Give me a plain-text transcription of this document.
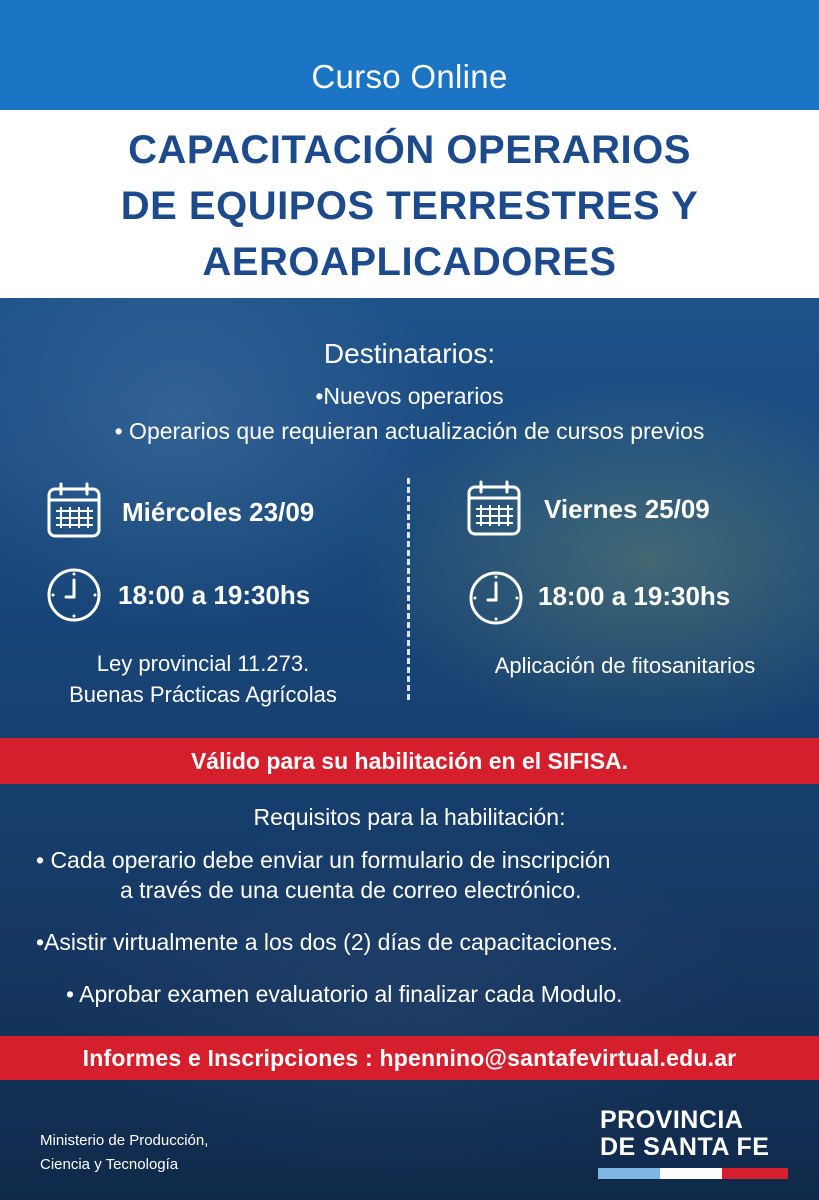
Curso Online
CAPACITACIÓN OPERARIOS
DE EQUIPOS TERRESTRES Y
AEROAPLICADORES
Destinatarios:
•Nuevos operarios
• Operarios que requieran actualización de cursos previos
Miércoles 23/09
18:00 a 19:30hs
Ley provincial 11.273.
Buenas Prácticas Agrícolas
Viernes 25/09
18:00 a 19:30hs
Aplicación de fitosanitarios
Válido para su habilitación en el SIFISA.
Requisitos para la habilitación:
• Cada operario debe enviar un formulario de inscripción
a través de una cuenta de correo electrónico.
•Asistir virtualmente a los dos (2) días de capacitaciones.
• Aprobar examen evaluatorio al finalizar cada Modulo.
Informes e Inscripciones : hpennino@santafevirtual.edu.ar
Ministerio de Producción,
Ciencia y Tecnología
PROVINCIA
DE SANTA FE
